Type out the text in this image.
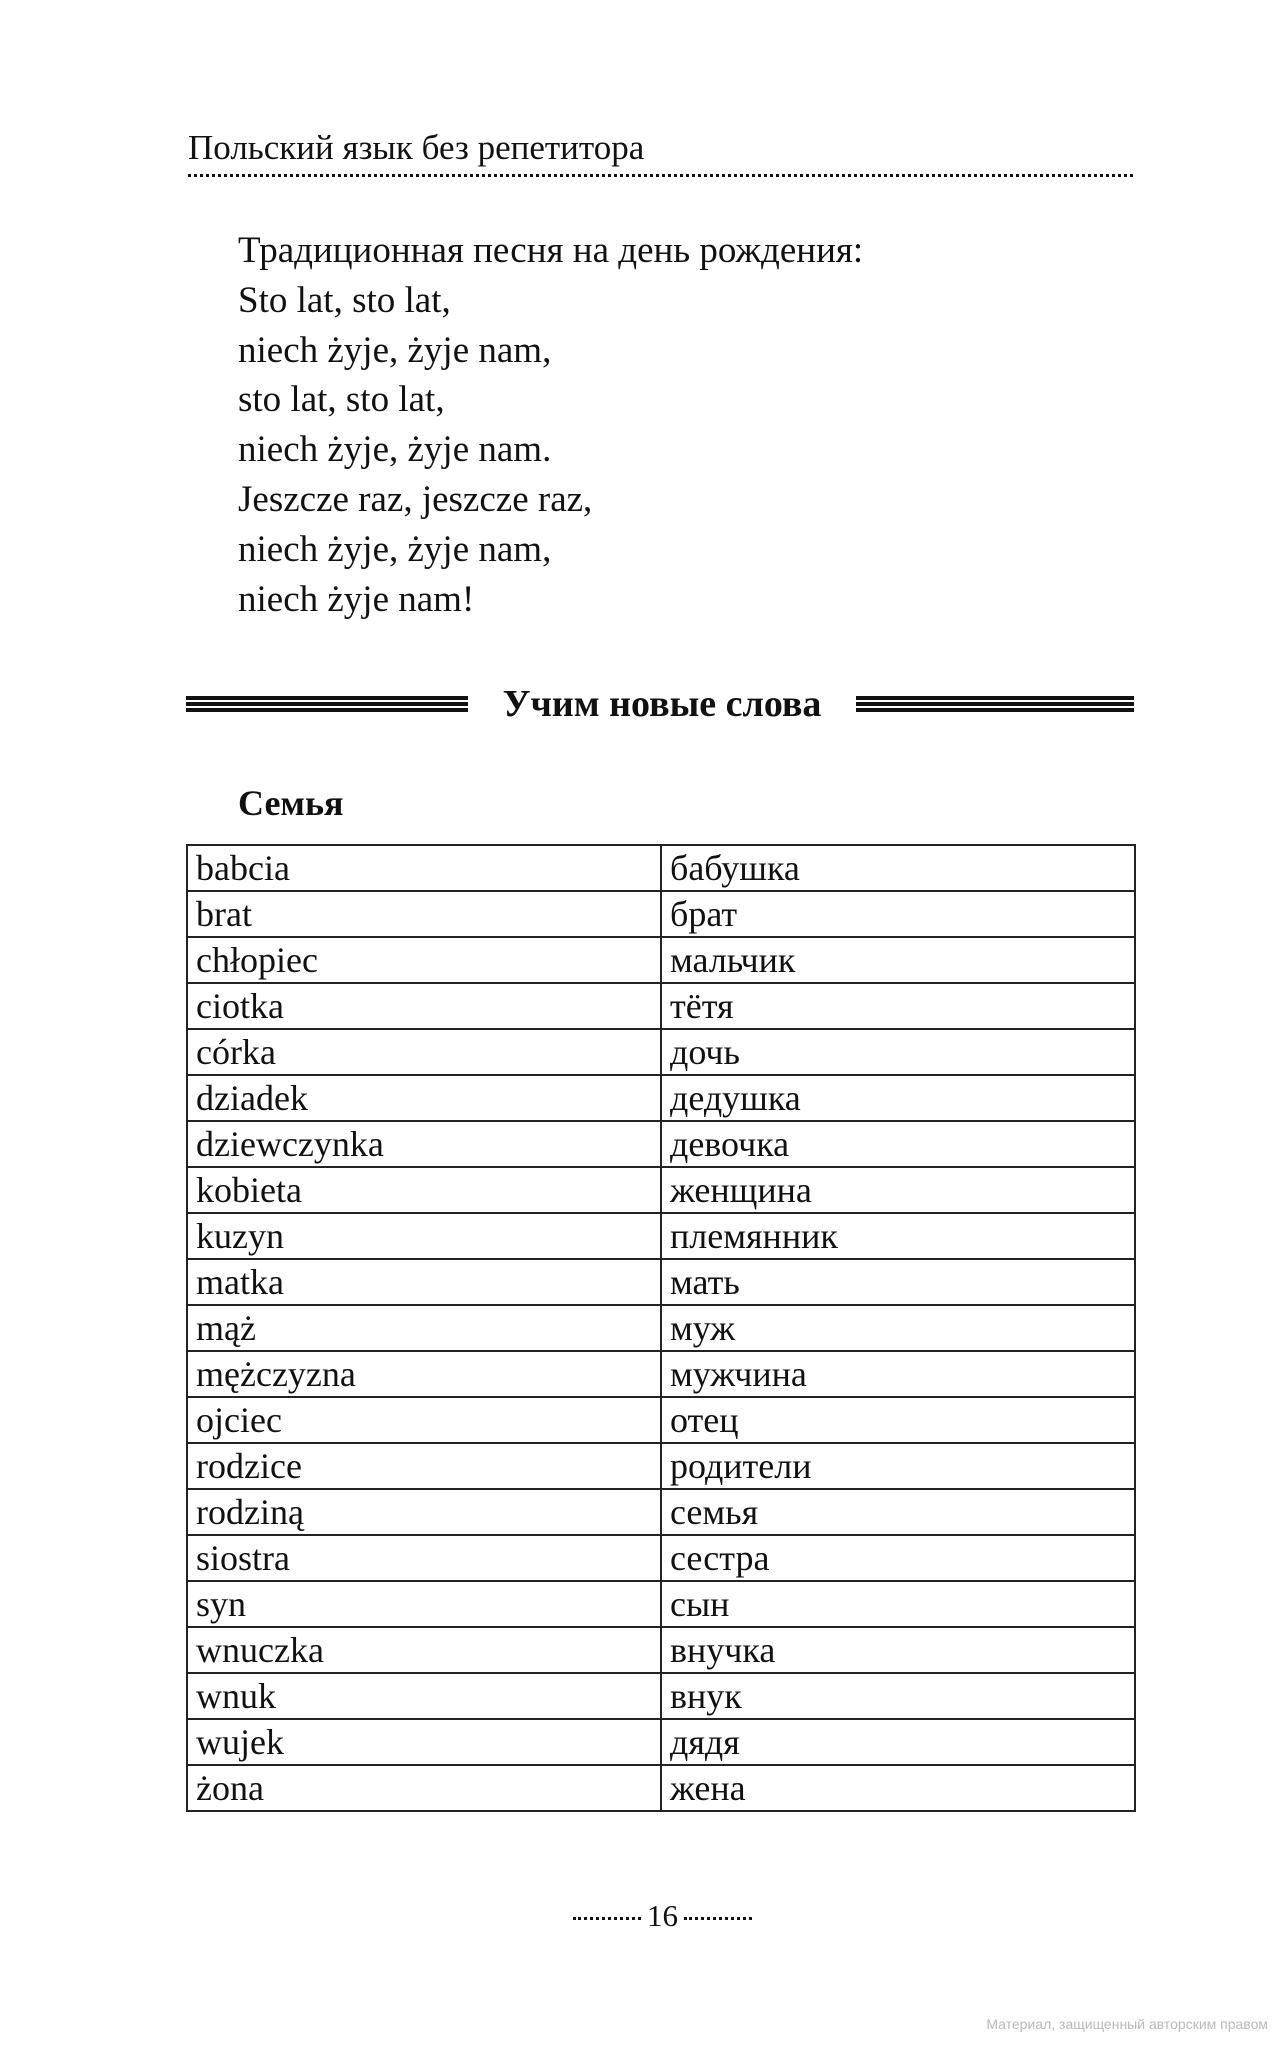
Польский язык без репетитора
Традиционная песня на день рождения:
Sto lat, sto lat,
niech żyje, żyje nam,
sto lat, sto lat,
niech żyje, żyje nam.
Jeszcze raz, jeszcze raz,
niech żyje, żyje nam,
niech żyje nam!
Учим новые слова
Семья
babcia	бабушка
brat	брат
chłopiec	мальчик
ciotka	тётя
córka	дочь
dziadek	дедушка
dziewczynka	девочка
kobieta	женщина
kuzyn	племянник
matka	мать
mąż	муж
mężczyzna	мужчина
ojciec	отец
rodzice	родители
rodziną	семья
siostra	сестра
syn	сын
wnuczka	внучка
wnuk	внук
wujek	дядя
żona	жена
16
Материал, защищенный авторским правом
